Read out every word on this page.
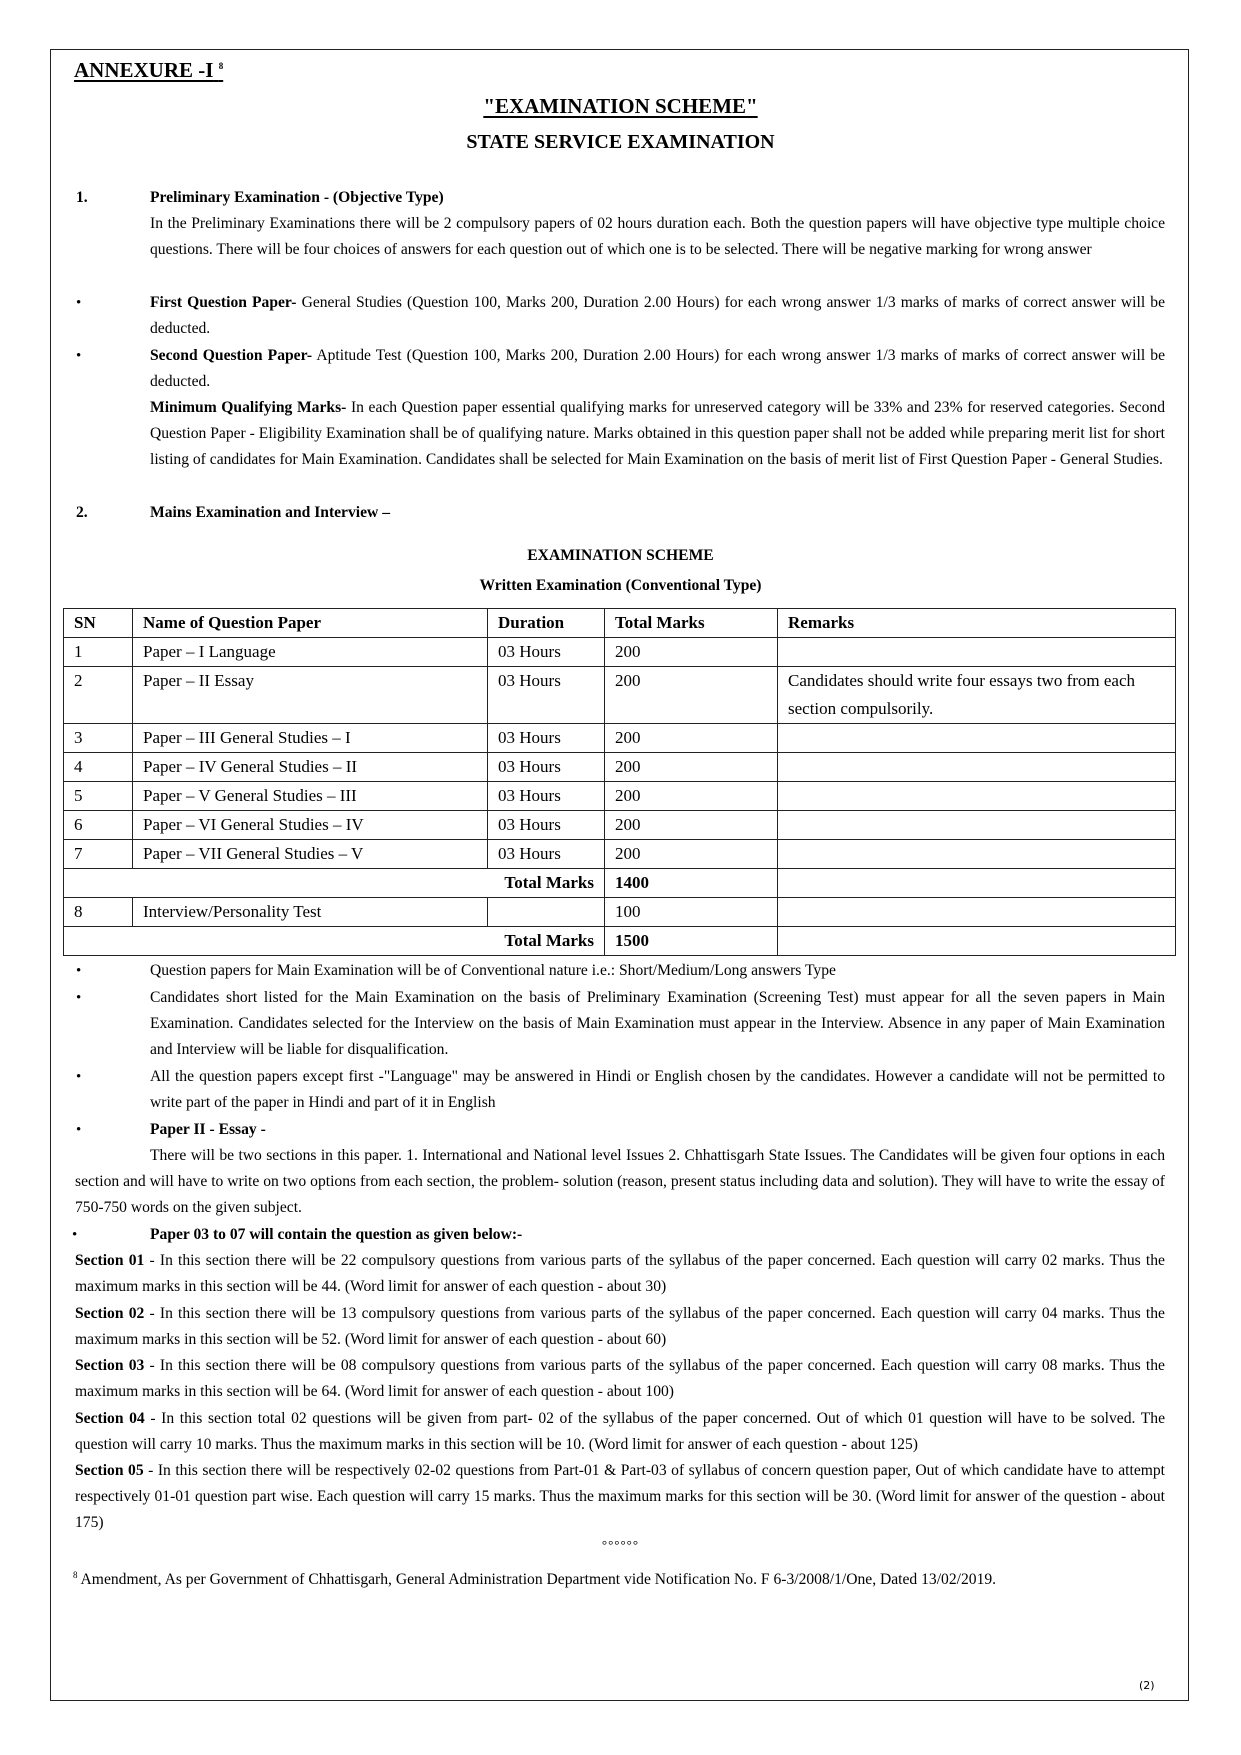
ANNEXURE -I $^8$
"EXAMINATION SCHEME"
STATE SERVICE EXAMINATION
1.	Preliminary Examination - (Objective Type)
In the Preliminary Examinations there will be 2 compulsory papers of 02 hours duration each. Both the question papers will have objective type multiple choice questions. There will be four choices of answers for each question out of which one is to be selected. There will be negative marking for wrong answer
•	First Question Paper- General Studies (Question 100, Marks 200, Duration 2.00 Hours) for each wrong answer 1/3 marks of marks of correct answer will be deducted.
•	Second Question Paper- Aptitude Test (Question 100, Marks 200, Duration 2.00 Hours) for each wrong answer 1/3 marks of marks of correct answer will be deducted.
Minimum Qualifying Marks- In each Question paper essential qualifying marks for unreserved category will be 33% and 23% for reserved categories. Second Question Paper - Eligibility Examination shall be of qualifying nature. Marks obtained in this question paper shall not be added while preparing merit list for short listing of candidates for Main Examination. Candidates shall be selected for Main Examination on the basis of merit list of First Question Paper - General Studies.
2.	Mains Examination and Interview –
EXAMINATION SCHEME
Written Examination (Conventional Type)
SN	Name of Question Paper	Duration	Total Marks	Remarks
1	Paper – I Language	03 Hours	200	
2	Paper – II Essay	03 Hours	200	Candidates should write four essays two from each section compulsorily.
3	Paper – III General Studies – I	03 Hours	200	
4	Paper – IV General Studies – II	03 Hours	200	
5	Paper – V General Studies – III	03 Hours	200	
6	Paper – VI General Studies – IV	03 Hours	200	
7	Paper – VII General Studies – V	03 Hours	200	
Total Marks			1400	
8	Interview/Personality Test		100	
Total Marks			1500	
•	Question papers for Main Examination will be of Conventional nature i.e.: Short/Medium/Long answers Type
•	Candidates short listed for the Main Examination on the basis of Preliminary Examination (Screening Test) must appear for all the seven papers in Main Examination. Candidates selected for the Interview on the basis of Main Examination must appear in the Interview. Absence in any paper of Main Examination and Interview will be liable for disqualification.
•	All the question papers except first -"Language" may be answered in Hindi or English chosen by the candidates. However a candidate will not be permitted to write part of the paper in Hindi and part of it in English
•	Paper II - Essay -
There will be two sections in this paper. 1. International and National level Issues 2. Chhattisgarh State Issues. The Candidates will be given four options in each section and will have to write on two options from each section, the problem- solution (reason, present status including data and solution). They will have to write the essay of 750-750 words on the given subject.
•	Paper 03 to 07 will contain the question as given below:-
Section 01 - In this section there will be 22 compulsory questions from various parts of the syllabus of the paper concerned. Each question will carry 02 marks. Thus the maximum marks in this section will be 44. (Word limit for answer of each question - about 30)
Section 02 - In this section there will be 13 compulsory questions from various parts of the syllabus of the paper concerned. Each question will carry 04 marks. Thus the maximum marks in this section will be 52. (Word limit for answer of each question - about 60)
Section 03 - In this section there will be 08 compulsory questions from various parts of the syllabus of the paper concerned. Each question will carry 08 marks. Thus the maximum marks in this section will be 64. (Word limit for answer of each question - about 100)
Section 04 - In this section total 02 questions will be given from part- 02 of the syllabus of the paper concerned. Out of which 01 question will have to be solved. The question will carry 10 marks. Thus the maximum marks in this section will be 10. (Word limit for answer of each question - about 125)
Section 05 - In this section there will be respectively 02-02 questions from Part-01 & Part-03 of syllabus of concern question paper, Out of which candidate have to attempt respectively 01-01 question part wise. Each question will carry 15 marks. Thus the maximum marks for this section will be 30. (Word limit for answer of the question - about 175)
°°°°°°
$^8$ Amendment, As per Government of Chhattisgarh, General Administration Department vide Notification No. F 6-3/2008/1/One, Dated 13/02/2019.
(2)
